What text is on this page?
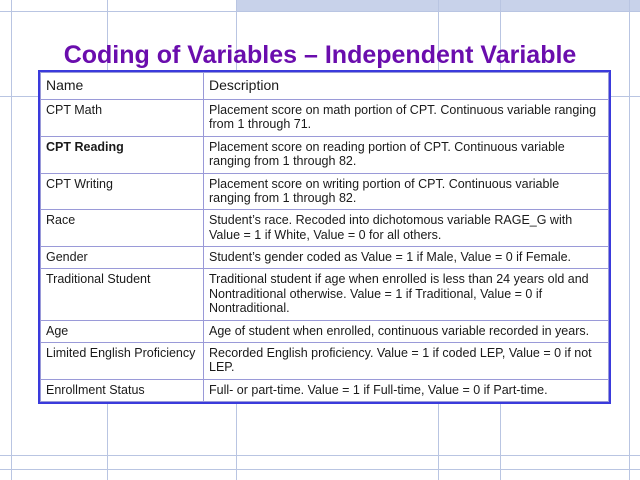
Coding of Variables – Independent Variable
Name	Description
CPT Math	Placement score on math portion of CPT. Continuous variable ranging from 1 through 71.
CPT Reading	Placement score on reading portion of CPT. Continuous variable ranging from 1 through 82.
CPT Writing	Placement score on writing portion of CPT. Continuous variable ranging from 1 through 82.
Race	Student’s race. Recoded into dichotomous variable RAGE_G with Value = 1 if White, Value = 0 for all others.
Gender	Student’s gender coded as Value = 1 if Male, Value = 0 if Female.
Traditional Student	Traditional student if age when enrolled is less than 24 years old and Nontraditional otherwise. Value = 1 if Traditional, Value = 0 if Nontraditional.
Age	Age of student when enrolled, continuous variable recorded in years.
Limited English Proficiency	Recorded English proficiency. Value = 1 if coded LEP, Value = 0 if not LEP.
Enrollment Status	Full- or part-time. Value = 1 if Full-time, Value = 0 if Part-time.
